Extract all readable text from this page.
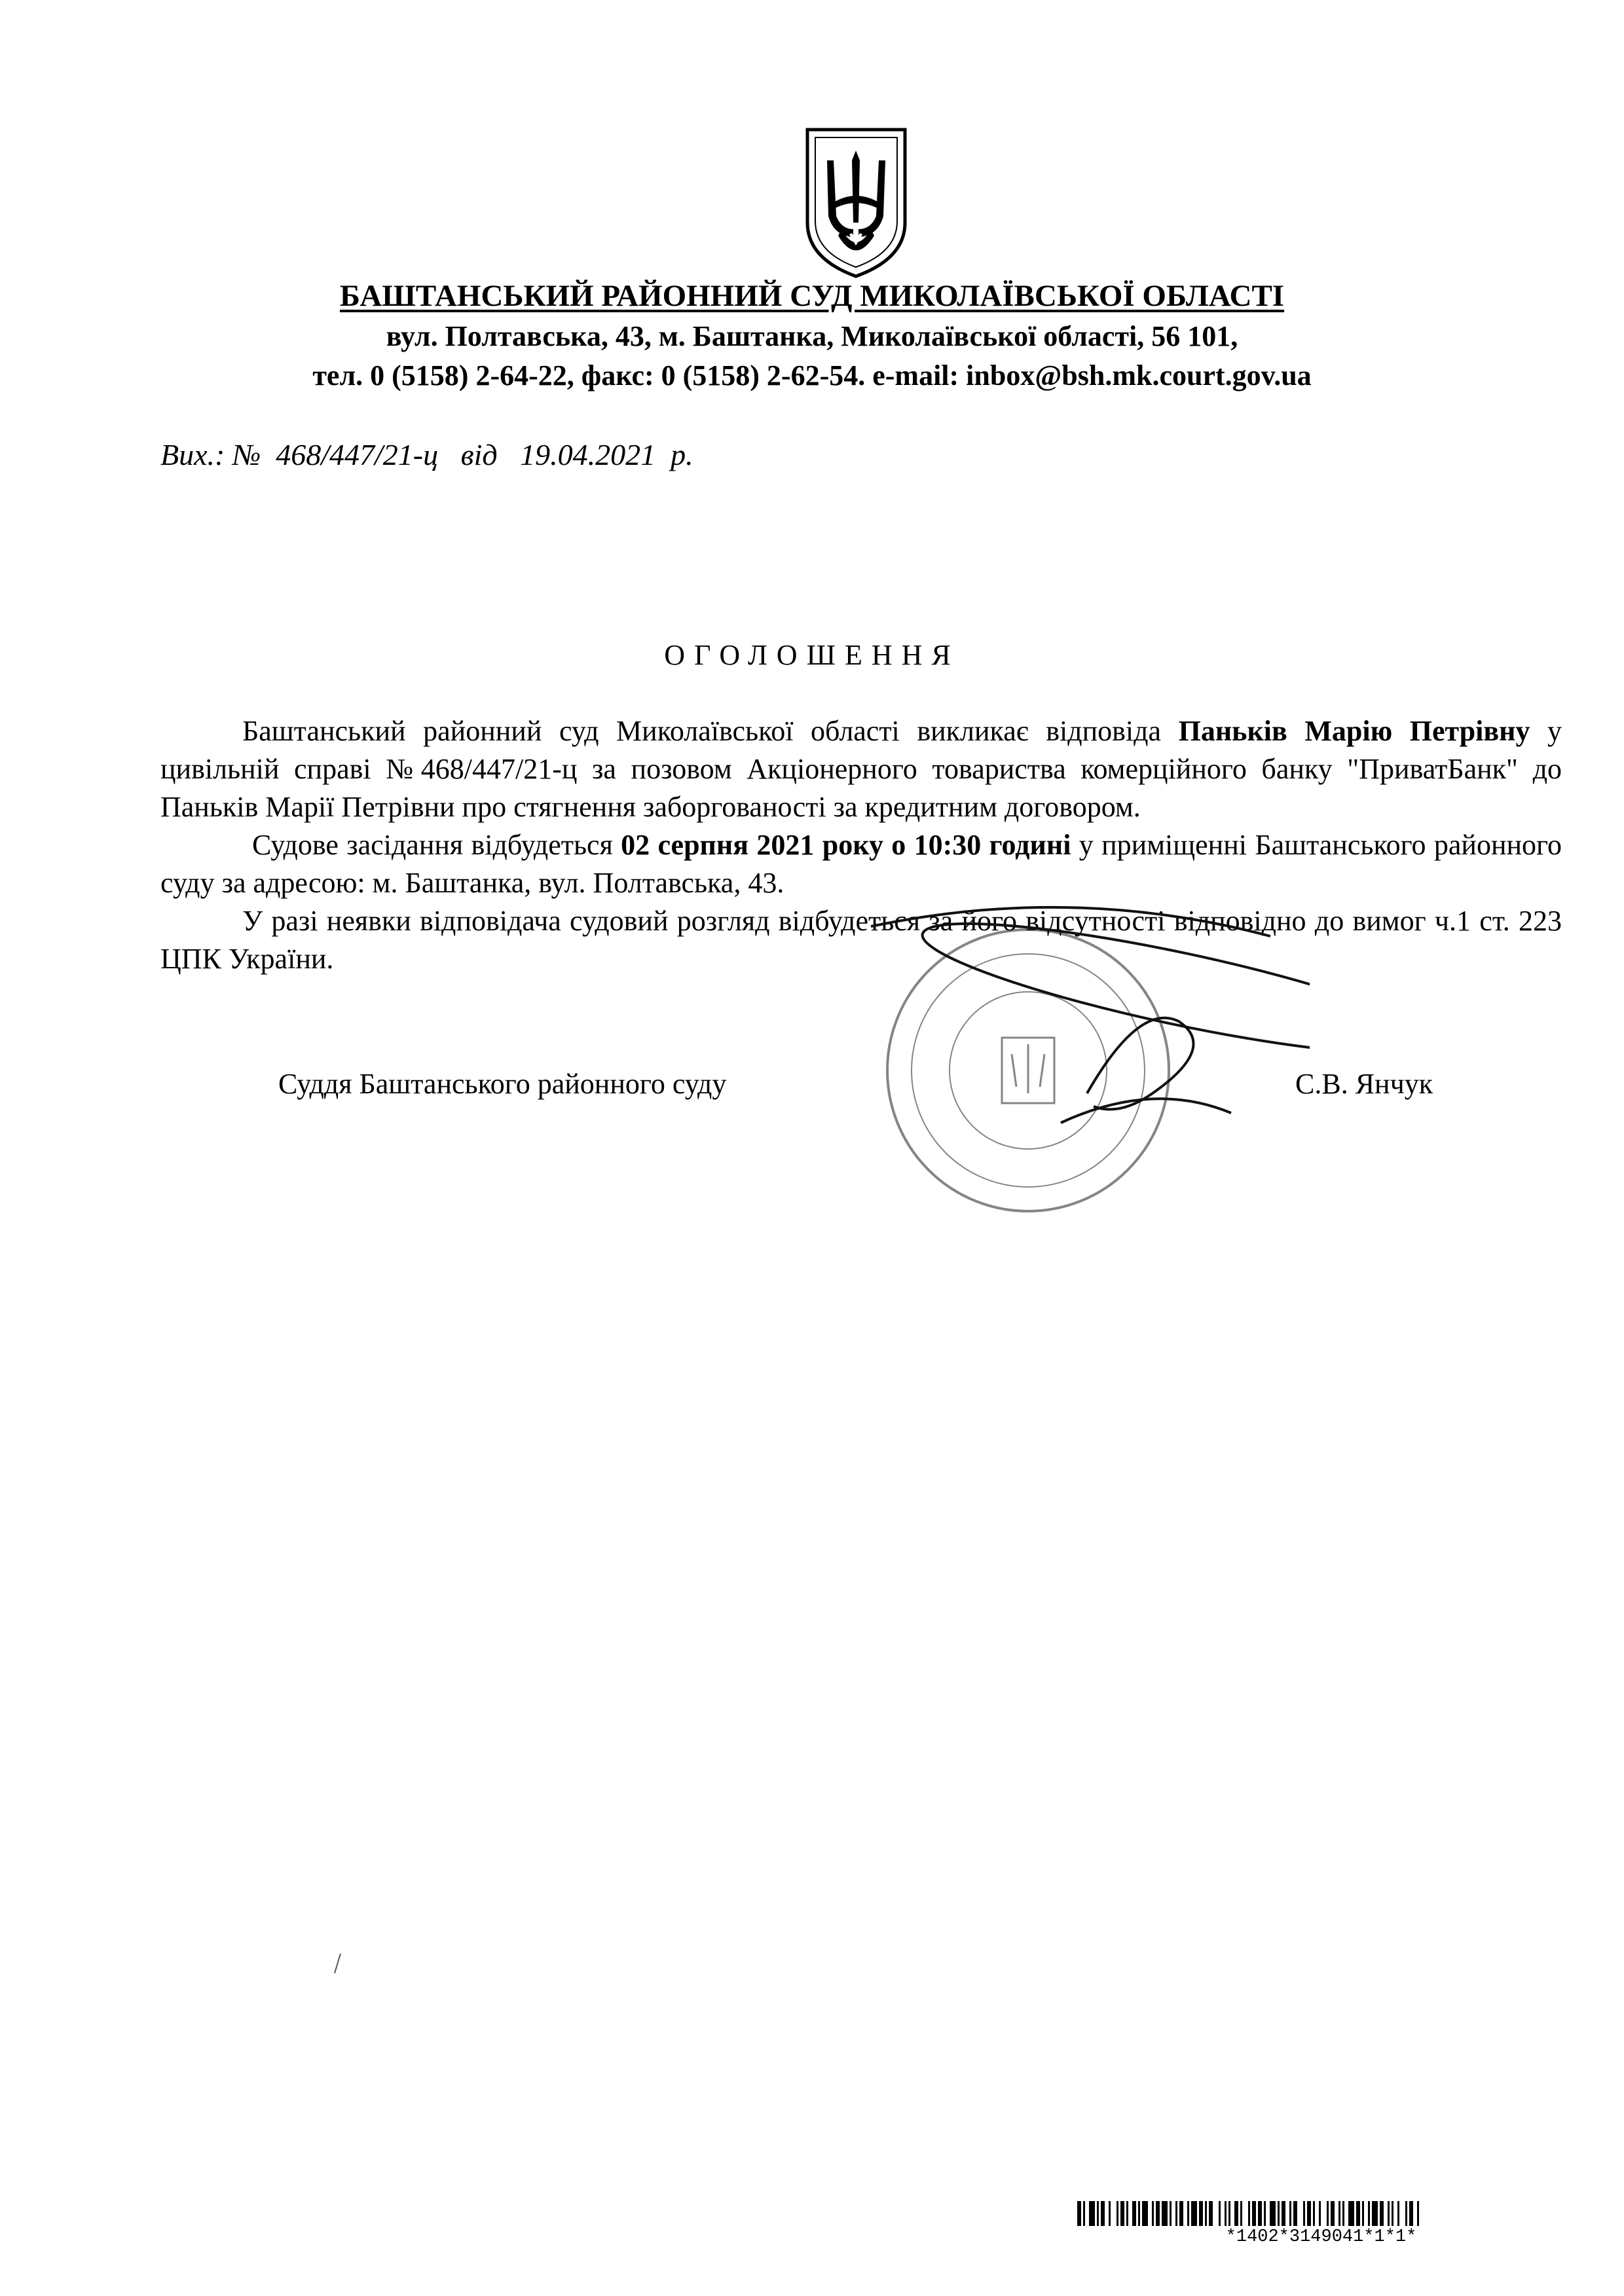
БАШТАНСЬКИЙ РАЙОННИЙ СУД МИКОЛАЇВСЬКОЇ ОБЛАСТІ
вул. Полтавська, 43, м. Баштанка, Миколаївської області, 56 101,
тел. 0 (5158) 2-64-22, факс: 0 (5158) 2-62-54. e-mail: inbox@bsh.mk.court.gov.ua
Вих.: № 468/447/21-ц від 19.04.2021 р.
ОГОЛОШЕННЯ

Баштанський районний суд Миколаївської області викликає відповіда Паньків Марію Петрівну у цивільній справі №468/447/21-ц за позовом Акціонерного товариства комерційного банку "ПриватБанк" до Паньків Марії Петрівни про стягнення заборгованості за кредитним договором.

Судове засідання відбудеться 02 серпня 2021 року о 10:30 годині у приміщенні Баштанського районного суду за адресою: м. Баштанка, вул. Полтавська, 43.

У разі неявки відповідача судовий розгляд відбудеться за його відсутності відповідно до вимог ч.1 ст. 223 ЦПК України.

Суддя Баштанського районного суду	С.В. Янчук
*1402*3149041*1*1*
